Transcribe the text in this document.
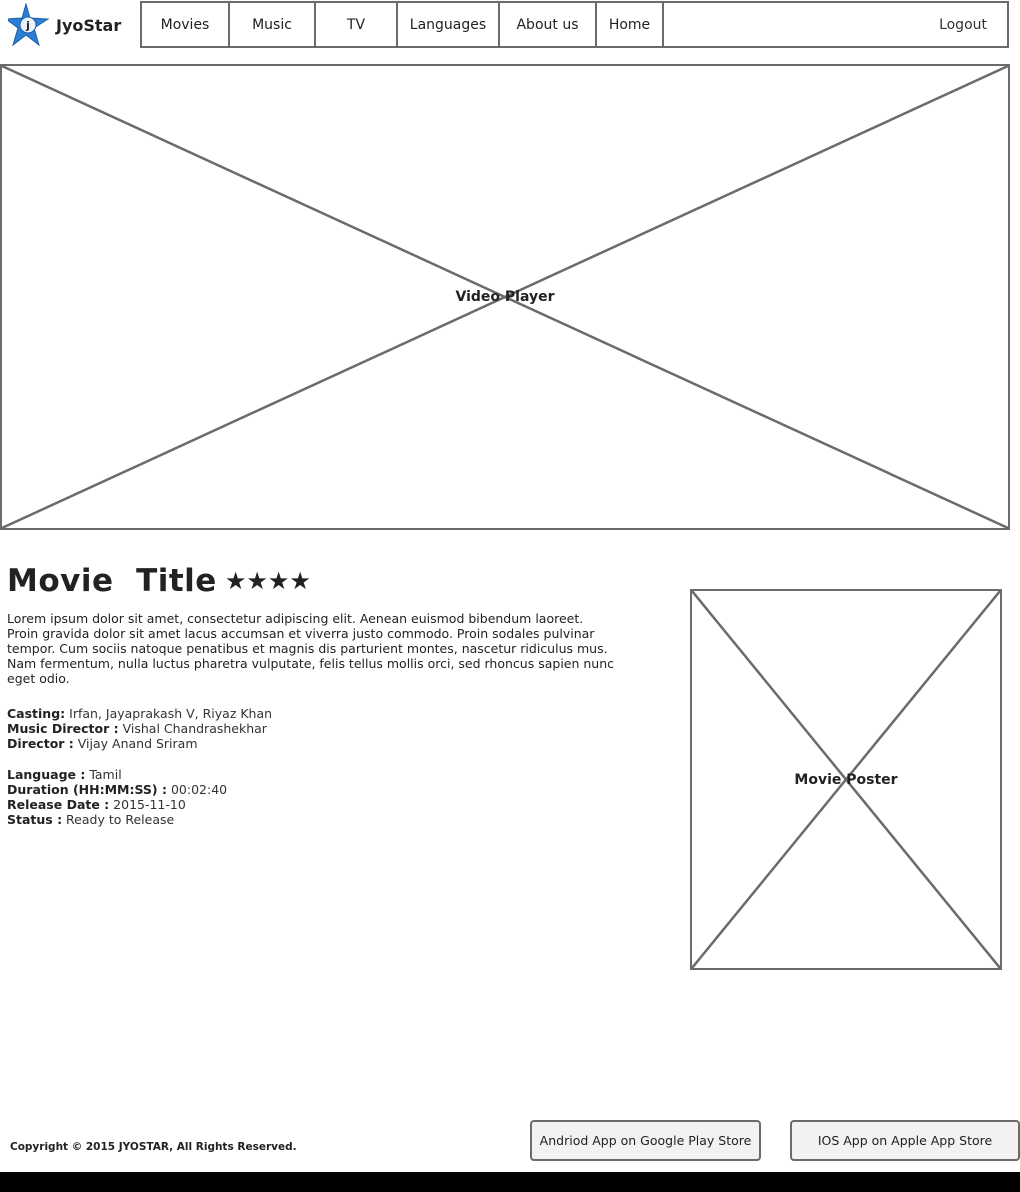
j JyoStar	Movies	Music	TV	Languages	About us	Home	Logout
Video Player
Movie  Title ★ ★ ★ ★
Lorem ipsum dolor sit amet, consectetur adipiscing elit. Aenean euismod bibendum laoreet. Proin gravida dolor sit amet lacus accumsan et viverra justo commodo. Proin sodales pulvinar tempor. Cum sociis natoque penatibus et magnis dis parturient montes, nascetur ridiculus mus. Nam fermentum, nulla luctus pharetra vulputate, felis tellus mollis orci, sed rhoncus sapien nunc eget odio.
Casting: Irfan, Jayaprakash V, Riyaz Khan
Music Director : Vishal Chandrashekhar
Director : Vijay Anand Sriram
Language : Tamil
Duration (HH:MM:SS) : 00:02:40
Release Date : 2015-11-10
Status : Ready to Release
Movie Poster
Copyright © 2015 JYOSTAR, All Rights Reserved.	Andriod App on Google Play Store	IOS App on Apple App Store
